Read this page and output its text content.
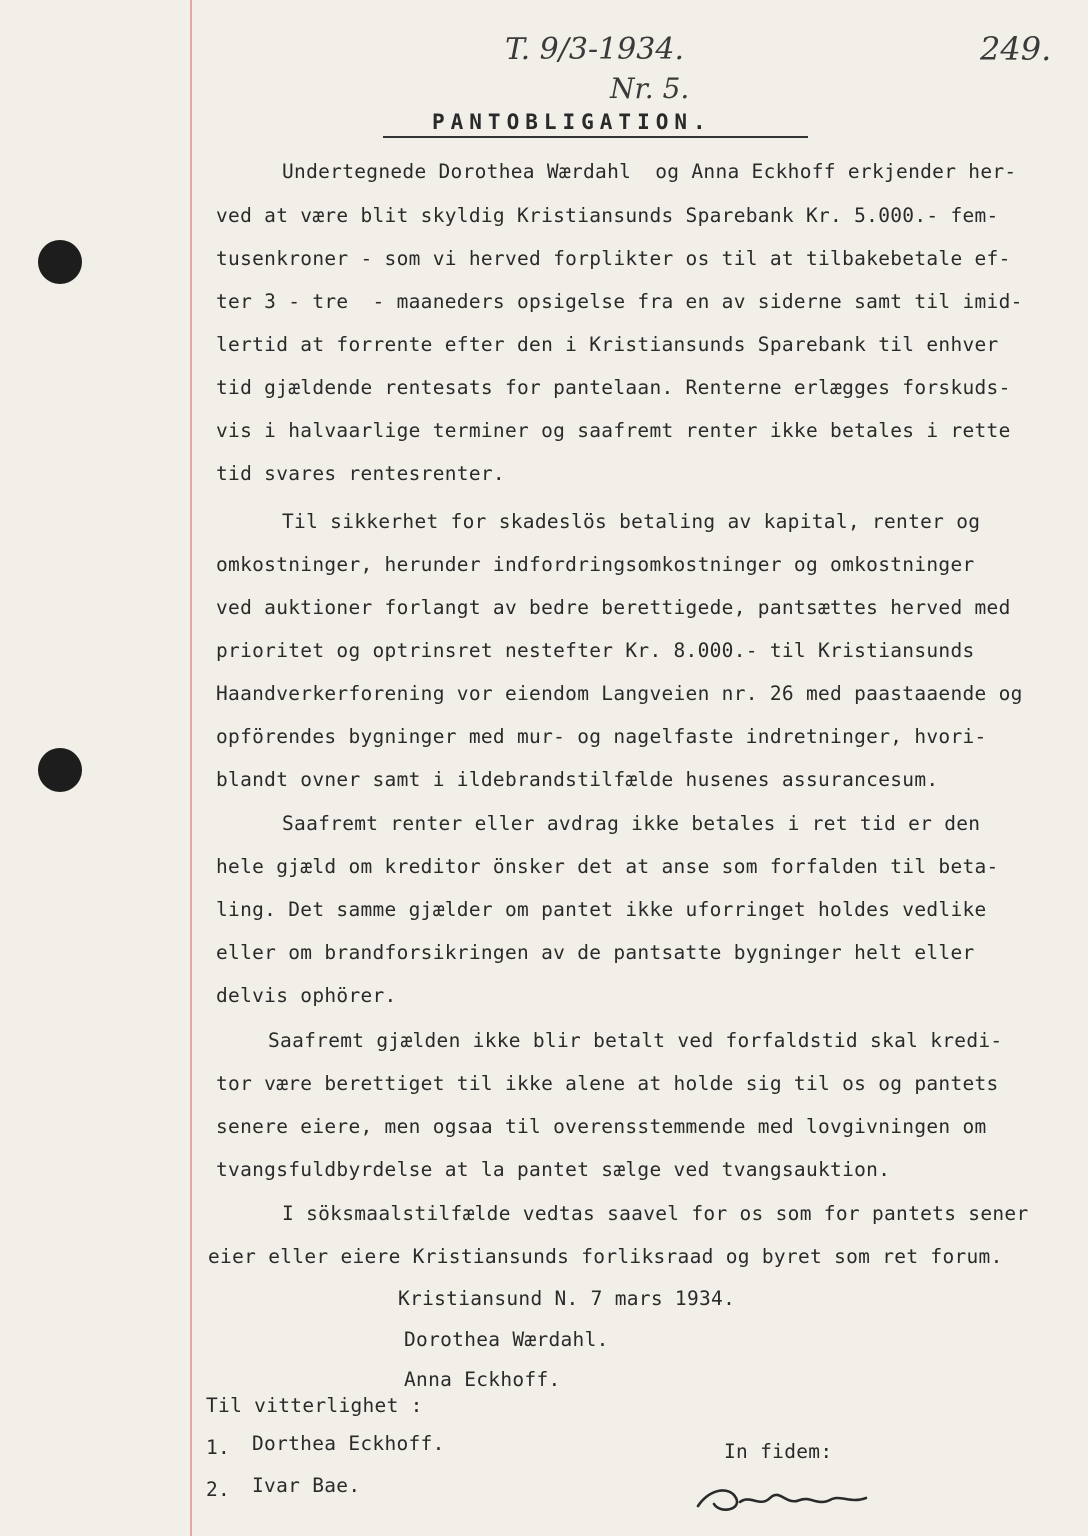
T. 9/3-1934.
Nr. 5.
249.
PANTOBLIGATION.
Undertegnede Dorothea Wærdahl  og Anna Eckhoff erkjender her-
ved at være blit skyldig Kristiansunds Sparebank Kr. 5.000.- fem-
tusenkroner - som vi herved forplikter os til at tilbakebetale ef-
ter 3 - tre  - maaneders opsigelse fra en av siderne samt til imid-
lertid at forrente efter den i Kristiansunds Sparebank til enhver
tid gjældende rentesats for pantelaan. Renterne erlægges forskuds-
vis i halvaarlige terminer og saafremt renter ikke betales i rette
tid svares rentesrenter.
Til sikkerhet for skadeslös betaling av kapital, renter og
omkostninger, herunder indfordringsomkostninger og omkostninger
ved auktioner forlangt av bedre berettigede, pantsættes herved med
prioritet og optrinsret nestefter Kr. 8.000.- til Kristiansunds
Haandverkerforening vor eiendom Langveien nr. 26 med paastaaende og
opförendes bygninger med mur- og nagelfaste indretninger, hvori-
blandt ovner samt i ildebrandstilfælde husenes assurancesum.
Saafremt renter eller avdrag ikke betales i ret tid er den
hele gjæld om kreditor önsker det at anse som forfalden til beta-
ling. Det samme gjælder om pantet ikke uforringet holdes vedlike
eller om brandforsikringen av de pantsatte bygninger helt eller
delvis ophörer.
Saafremt gjælden ikke blir betalt ved forfaldstid skal kredi-
tor være berettiget til ikke alene at holde sig til os og pantets
senere eiere, men ogsaa til overensstemmende med lovgivningen om
tvangsfuldbyrdelse at la pantet sælge ved tvangsauktion.
I söksmaalstilfælde vedtas saavel for os som for pantets sener
eier eller eiere Kristiansunds forliksraad og byret som ret forum.
Kristiansund N. 7 mars 1934.
Dorothea Wærdahl.
Anna Eckhoff.
Til vitterlighet :
1. Dorthea Eckhoff.
2. Ivar Bae.
In fidem:
